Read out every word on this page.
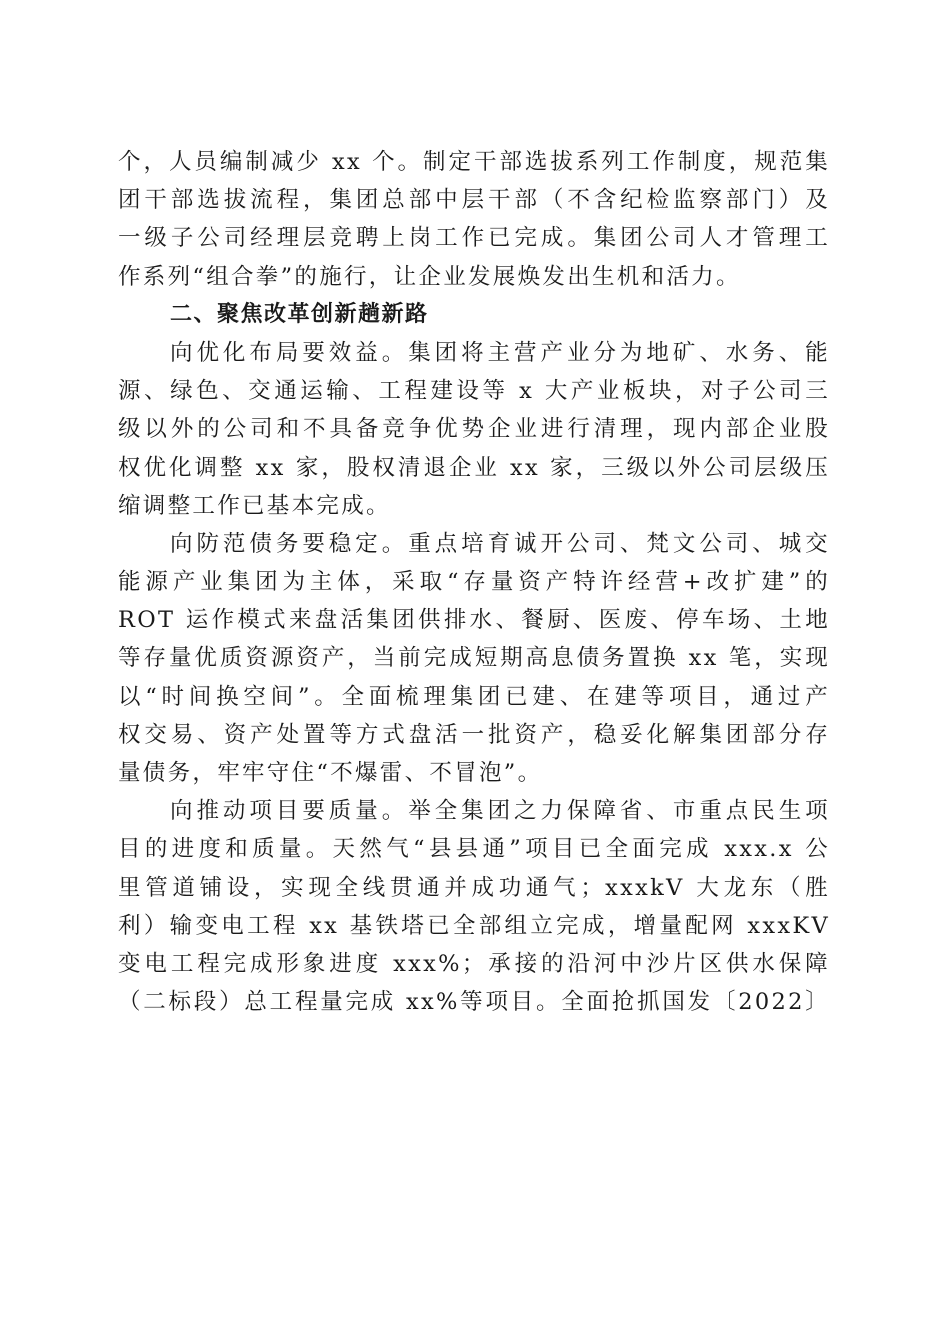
个，人员编制减少 xx 个。制定干部选拔系列工作制度，规范集
团干部选拔流程，集团总部中层干部（不含纪检监察部门）及
一级子公司经理层竞聘上岗工作已完成。集团公司人才管理工
作系列“组合拳”的施行，让企业发展焕发出生机和活力。
二、聚焦改革创新趟新路
向优化布局要效益。集团将主营产业分为地矿、水务、能
源、绿色、交通运输、工程建设等 x 大产业板块，对子公司三
级以外的公司和不具备竞争优势企业进行清理，现内部企业股
权优化调整 xx 家，股权清退企业 xx 家，三级以外公司层级压
缩调整工作已基本完成。
向防范债务要稳定。重点培育诚开公司、梵文公司、城交
能源产业集团为主体，采取“存量资产特许经营+改扩建”的
ROT 运作模式来盘活集团供排水、餐厨、医废、停车场、土地
等存量优质资源资产，当前完成短期高息债务置换 xx 笔，实现
以“时间换空间”。全面梳理集团已建、在建等项目，通过产
权交易、资产处置等方式盘活一批资产，稳妥化解集团部分存
量债务，牢牢守住“不爆雷、不冒泡”。
向推动项目要质量。举全集团之力保障省、市重点民生项
目的进度和质量。天然气“县县通”项目已全面完成 xxx.x 公
里管道铺设，实现全线贯通并成功通气；xxxkV 大龙东（胜
利）输变电工程 xx 基铁塔已全部组立完成，增量配网 xxxKV
变电工程完成形象进度 xxx%；承接的沿河中沙片区供水保障
（二标段）总工程量完成 xx%等项目。全面抢抓国发〔2022〕
